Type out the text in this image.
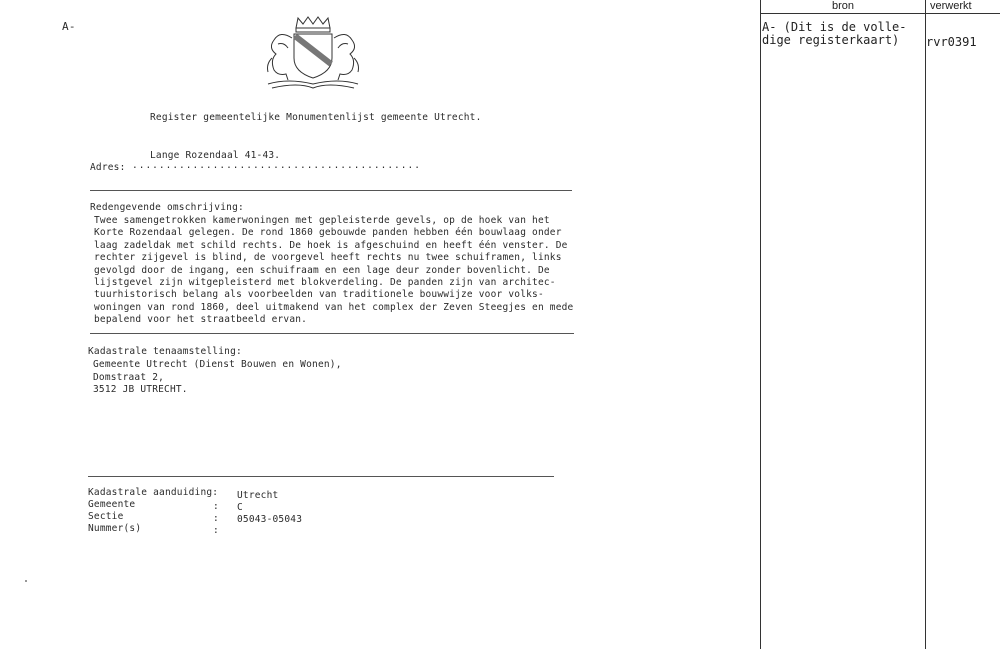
A-
Register gemeentelijke Monumentenlijst gemeente Utrecht.
Lange Rozendaal 41-43.
Adres: ...........................................
Redengevende omschrijving:
Twee samengetrokken kamerwoningen met gepleisterde gevels, op de hoek van het
Korte Rozendaal gelegen. De rond 1860 gebouwde panden hebben één bouwlaag onder
laag zadeldak met schild rechts. De hoek is afgeschuind en heeft één venster. De
rechter zijgevel is blind, de voorgevel heeft rechts nu twee schuiframen, links
gevolgd door de ingang, een schuifraam en een lage deur zonder bovenlicht. De
lijstgevel zijn witgepleisterd met blokverdeling. De panden zijn van architec-
tuurhistorisch belang als voorbeelden van traditionele bouwwijze voor volks-
woningen van rond 1860, deel uitmakend van het complex der Zeven Steegjes en mede
bepalend voor het straatbeeld ervan.
Kadastrale tenaamstelling:
Gemeente Utrecht (Dienst Bouwen en Wonen),
Domstraat 2,
3512 JB UTRECHT.
Kadastrale aanduiding:
Gemeente
Sectie
Nummer(s)
:
:
:
Utrecht
C
05043-05043
bron	verwerkt
A- (Dit is de volle-
dige registerkaart)	rvr0391
